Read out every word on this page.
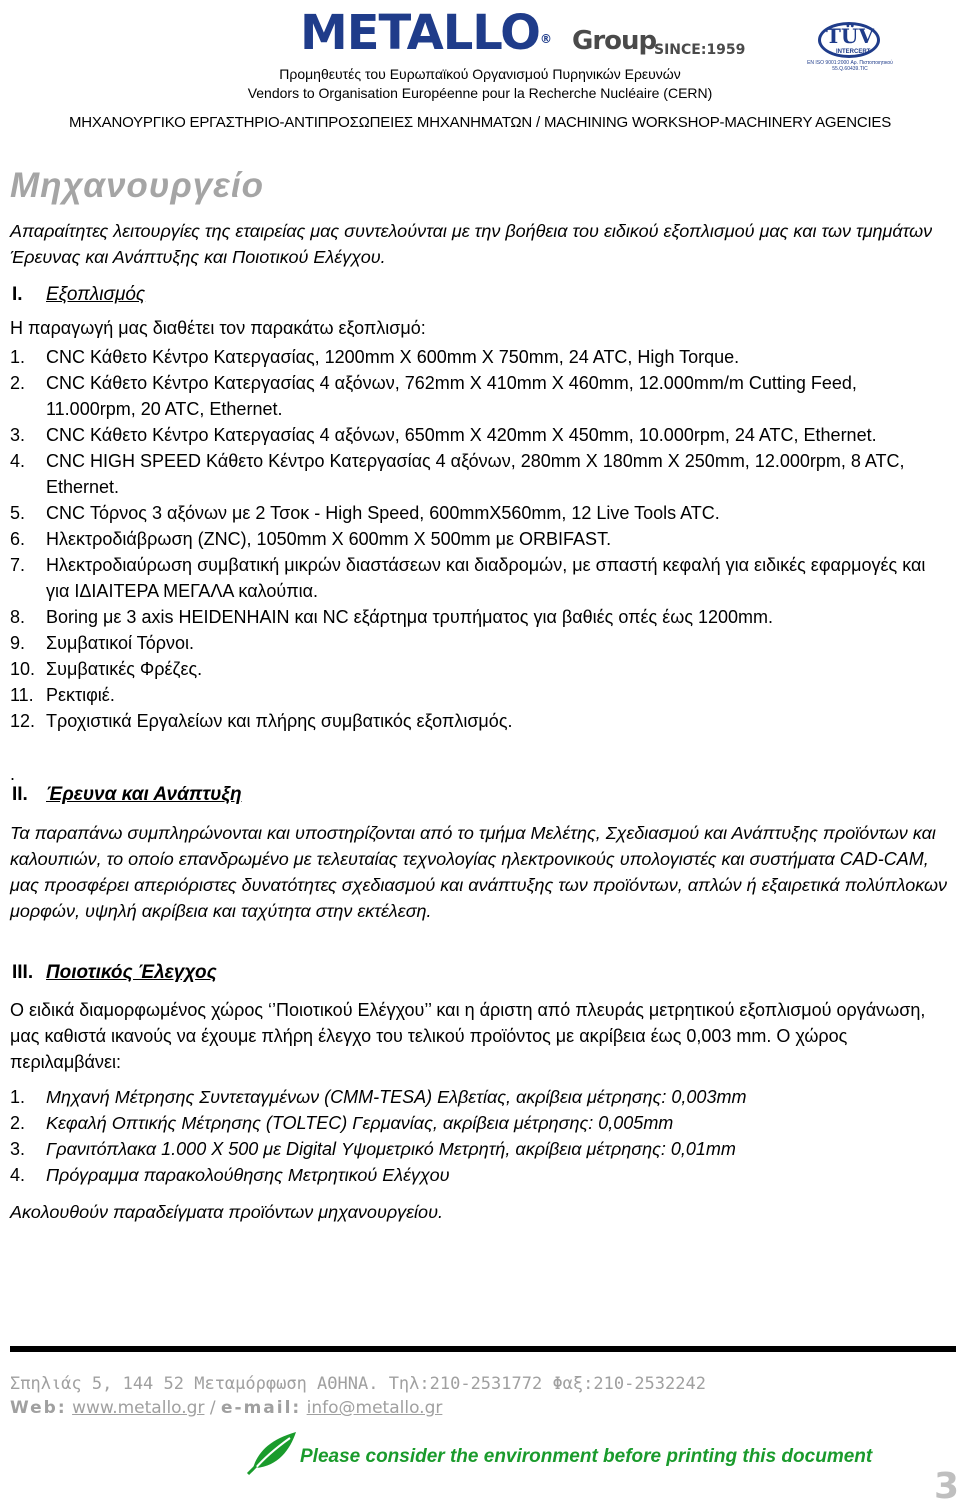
METALLO® Group
SINCE:1959
TÜV
INTERCERT
EN ISO 9001:2000 Αρ. Πιστοποιητικού 55.Q.60439.TIC
Προμηθευτές του Ευρωπαϊκού Οργανισμού Πυρηνικών Ερευνών
Vendors to Organisation Européenne pour la Recherche Nucléaire (CERN)
ΜΗΧΑΝΟΥΡΓΙΚΟ ΕΡΓΑΣΤΗΡΙΟ-ΑΝΤΙΠΡΟΣΩΠΕΙΕΣ ΜΗΧΑΝΗΜΑΤΩΝ / MACHINING WORKSHOP-MACHINERY AGENCIES
Μηχανουργείο
Απαραίτητες λειτουργίες της εταιρείας μας συντελούνται με την βοήθεια του ειδικού εξοπλισμού μας και των τμημάτων Έρευνας και Ανάπτυξης και Ποιοτικού Ελέγχου.
I. Εξοπλισμός
Η παραγωγή μας διαθέτει τον παρακάτω εξοπλισμό:
1.	CNC Κάθετο Κέντρο Κατεργασίας, 1200mm X 600mm X 750mm, 24 ATC, High Torque.
2.	CNC Κάθετο Κέντρο Κατεργασίας 4 αξόνων, 762mm X 410mm X 460mm, 12.000mm/m Cutting Feed, 11.000rpm, 20 ATC, Ethernet.
3.	CNC Κάθετο Κέντρο Κατεργασίας 4 αξόνων, 650mm X 420mm X 450mm, 10.000rpm, 24 ATC, Ethernet.
4.	CNC HIGH SPEED Κάθετο Κέντρο Κατεργασίας 4 αξόνων, 280mm X 180mm X 250mm, 12.000rpm, 8 ATC, Ethernet.
5.	CNC Τόρνος 3 αξόνων με 2 Τσοκ - High Speed, 600mmX560mm, 12 Live Tools ATC.
6.	Ηλεκτροδιάβρωση (ZNC), 1050mm X 600mm X 500mm με ORBIFAST.
7.	Ηλεκτροδιαύρωση συμβατική μικρών διαστάσεων και διαδρομών, με σπαστή κεφαλή για ειδικές εφαρμογές και για ΙΔΙΑΙΤΕΡΑ ΜΕΓΑΛΑ καλούπια.
8.	Boring με 3 axis HEIDENHAIN και NC εξάρτημα τρυπήματος για βαθιές οπές έως 1200mm.
9.	Συμβατικοί Τόρνοι.
10. Συμβατικές Φρέζες.
11. Ρεκτιφιέ.
12. Τροχιστικά Εργαλείων και πλήρης συμβατικός εξοπλισμός.
.
II. Έρευνα και Ανάπτυξη
Τα παραπάνω συμπληρώνονται και υποστηρίζονται από το τμήμα Μελέτης, Σχεδιασμού και Ανάπτυξης προϊόντων και καλουπιών, το οποίο επανδρωμένο με τελευταίας τεχνολογίας ηλεκτρονικούς υπολογιστές και συστήματα CAD-CAM, μας προσφέρει απεριόριστες δυνατότητες σχεδιασμού και ανάπτυξης των προϊόντων, απλών ή εξαιρετικά πολύπλοκων μορφών, υψηλή ακρίβεια και ταχύτητα στην εκτέλεση.
III. Ποιοτικός Έλεγχος
Ο ειδικά διαμορφωμένος χώρος ‘’Ποιοτικού Ελέγχου’’ και η άριστη από πλευράς μετρητικού εξοπλισμού οργάνωση, μας καθιστά ικανούς να έχουμε πλήρη έλεγχο του τελικού προϊόντος με ακρίβεια έως 0,003 mm. Ο χώρος περιλαμβάνει:
1.	Μηχανή Μέτρησης Συντεταγμένων (CMM-TESA) Ελβετίας, ακρίβεια μέτρησης: 0,003mm
2.	Κεφαλή Οπτικής Μέτρησης (TOLTEC) Γερμανίας, ακρίβεια μέτρησης: 0,005mm
3.	Γρανιτόπλακα 1.000 X 500 με Digital Υψομετρικό Μετρητή, ακρίβεια μέτρησης: 0,01mm
4.	Πρόγραμμα παρακολούθησης Μετρητικού Ελέγχου
Ακολουθούν παραδείγματα προϊόντων μηχανουργείου.
Σπηλιάς 5, 144 52 Μεταμόρφωση ΑΘΗΝΑ. Τηλ:210-2531772 Φαξ:210-2532242
Web: www.metallo.gr / e-mail: info@metallo.gr
Please consider the environment before printing this document
3
